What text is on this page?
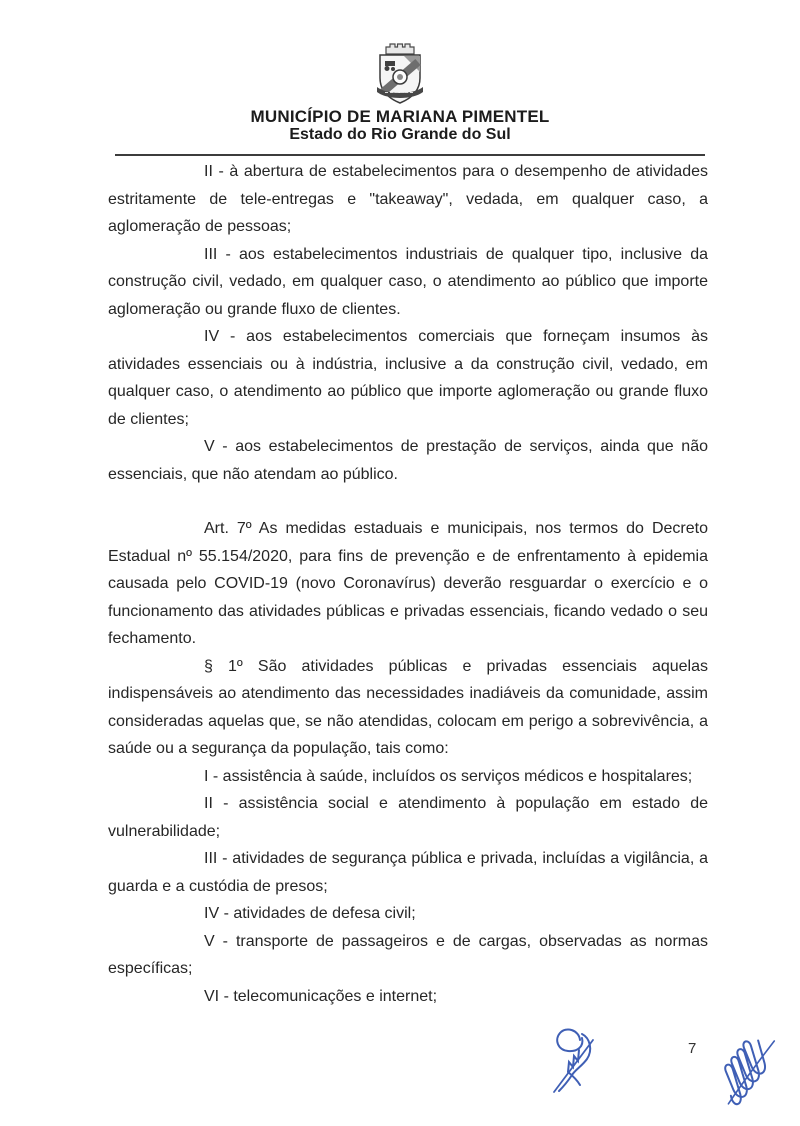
MUNICÍPIO DE MARIANA PIMENTEL
Estado do Rio Grande do Sul

II - à abertura de estabelecimentos para o desempenho de atividades estritamente de tele-entregas e "takeaway", vedada, em qualquer caso, a aglomeração de pessoas;

III - aos estabelecimentos industriais de qualquer tipo, inclusive da construção civil, vedado, em qualquer caso, o atendimento ao público que importe aglomeração ou grande fluxo de clientes.

IV - aos estabelecimentos comerciais que forneçam insumos às atividades essenciais ou à indústria, inclusive a da construção civil, vedado, em qualquer caso, o atendimento ao público que importe aglomeração ou grande fluxo de clientes;

V - aos estabelecimentos de prestação de serviços, ainda que não essenciais, que não atendam ao público.

Art. 7º As medidas estaduais e municipais, nos termos do Decreto Estadual nº 55.154/2020, para fins de prevenção e de enfrentamento à epidemia causada pelo COVID-19 (novo Coronavírus) deverão resguardar o exercício e o funcionamento das atividades públicas e privadas essenciais, ficando vedado o seu fechamento.

§ 1º São atividades públicas e privadas essenciais aquelas indispensáveis ao atendimento das necessidades inadiáveis da comunidade, assim consideradas aquelas que, se não atendidas, colocam em perigo a sobrevivência, a saúde ou a segurança da população, tais como:

I - assistência à saúde, incluídos os serviços médicos e hospitalares;

II - assistência social e atendimento à população em estado de vulnerabilidade;

III - atividades de segurança pública e privada, incluídas a vigilância, a guarda e a custódia de presos;

IV - atividades de defesa civil;

V - transporte de passageiros e de cargas, observadas as normas específicas;

VI - telecomunicações e internet;

7
